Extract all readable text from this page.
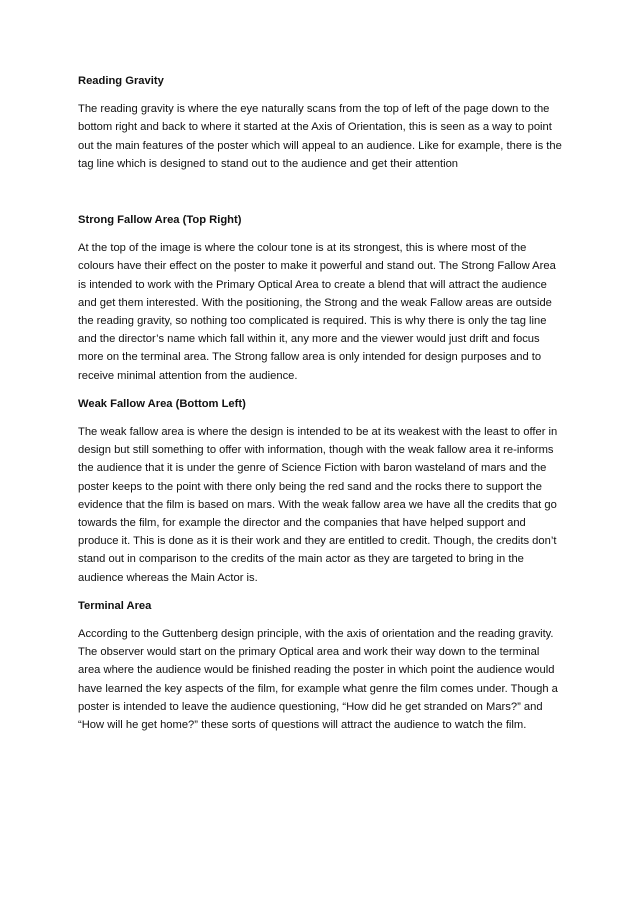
Reading Gravity
The reading gravity is where the eye naturally scans from the top of left of the page down to the bottom right and back to where it started at the Axis of Orientation, this is seen as a way to point out the main features of the poster which will appeal to an audience. Like for example, there is the tag line which is designed to stand out to the audience and get their attention
Strong Fallow Area (Top Right)
At the top of the image is where the colour tone is at its strongest, this is where most of the colours have their effect on the poster to make it powerful and stand out. The Strong Fallow Area is intended to work with the Primary Optical Area to create a blend that will attract the audience and get them interested. With the positioning, the Strong and the weak Fallow areas are outside the reading gravity, so nothing too complicated is required. This is why there is only the tag line and the director’s name which fall within it, any more and the viewer would just drift and focus more on the terminal area. The Strong fallow area is only intended for design purposes and to receive minimal attention from the audience.
Weak Fallow Area (Bottom Left)
The weak fallow area is where the design is intended to be at its weakest with the least to offer in design but still something to offer with information, though with the weak fallow area it re-informs the audience that it is under the genre of Science Fiction with baron wasteland of mars and the poster keeps to the point with there only being the red sand and the rocks there to support the evidence that the film is based on mars. With the weak fallow area we have all the credits that go towards the film, for example the director and the companies that have helped support and produce it. This is done as it is their work and they are entitled to credit. Though, the credits don’t stand out in comparison to the credits of the main actor as they are targeted to bring in the audience whereas the Main Actor is.
Terminal Area
According to the Guttenberg design principle, with the axis of orientation and the reading gravity. The observer would start on the primary Optical area and work their way down to the terminal area where the audience would be finished reading the poster in which point the audience would have learned the key aspects of the film, for example what genre the film comes under. Though a poster is intended to leave the audience questioning, “How did he get stranded on Mars?” and “How will he get home?” these sorts of questions will attract the audience to watch the film.
